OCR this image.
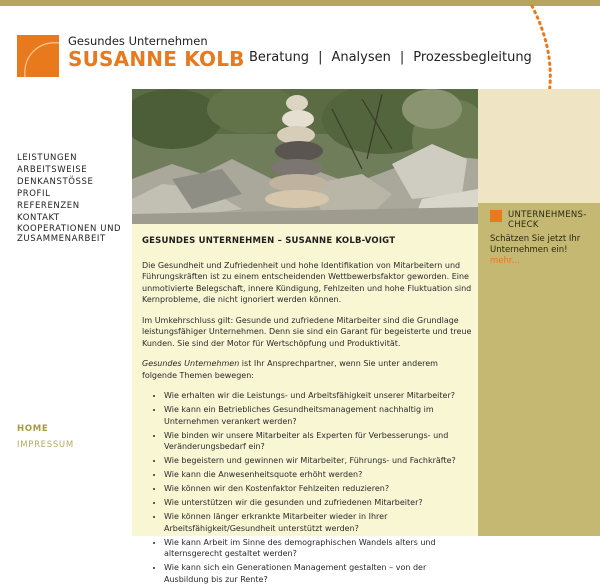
Gesundes Unternehmen
SUSANNE KOLB Beratung | Analysen | Prozessbegleitung
UNTERNEHMENS-
CHECK
Schätzen Sie jetzt Ihr Unternehmen ein! mehr...
LEISTUNGEN
ARBEITSWEISE
DENKANSTÖSSE
PROFIL
REFERENZEN
KONTAKT
KOOPERATIONEN UND ZUSAMMENARBEIT
HOME
IMPRESSUM
GESUNDES UNTERNEHMEN – SUSANNE KOLB-VOIGT

Die Gesundheit und Zufriedenheit und hohe Identifikation von Mitarbeitern und Führungskräften ist zu einem entscheidenden Wettbewerbsfaktor geworden. Eine unmotivierte Belegschaft, innere Kündigung, Fehlzeiten und hohe Fluktuation sind Kernprobleme, die nicht ignoriert werden können.

Im Umkehrschluss gilt: Gesunde und zufriedene Mitarbeiter sind die Grundlage leistungsfähiger Unternehmen. Denn sie sind ein Garant für begeisterte und treue Kunden. Sie sind der Motor für Wertschöpfung und Produktivität.

Gesundes Unternehmen ist Ihr Ansprechpartner, wenn Sie unter anderem folgende Themen bewegen:

• Wie erhalten wir die Leistungs- und Arbeitsfähigkeit unserer Mitarbeiter?
• Wie kann ein Betriebliches Gesundheitsmanagement nachhaltig im Unternehmen verankert werden?
• Wie binden wir unsere Mitarbeiter als Experten für Verbesserungs- und Veränderungsbedarf ein?
• Wie begeistern und gewinnen wir Mitarbeiter, Führungs- und Fachkräfte?
• Wie kann die Anwesenheitsquote erhöht werden?
• Wie können wir den Kostenfaktor Fehlzeiten reduzieren?
• Wie unterstützen wir die gesunden und zufriedenen Mitarbeiter?
• Wie können länger erkrankte Mitarbeiter wieder in Ihrer Arbeitsfähigkeit/Gesundheit unterstützt werden?
• Wie kann Arbeit im Sinne des demographischen Wandels alters und alternsgerecht gestaltet werden?
• Wie kann sich ein Generationen Management gestalten – von der Ausbildung bis zur Rente?
